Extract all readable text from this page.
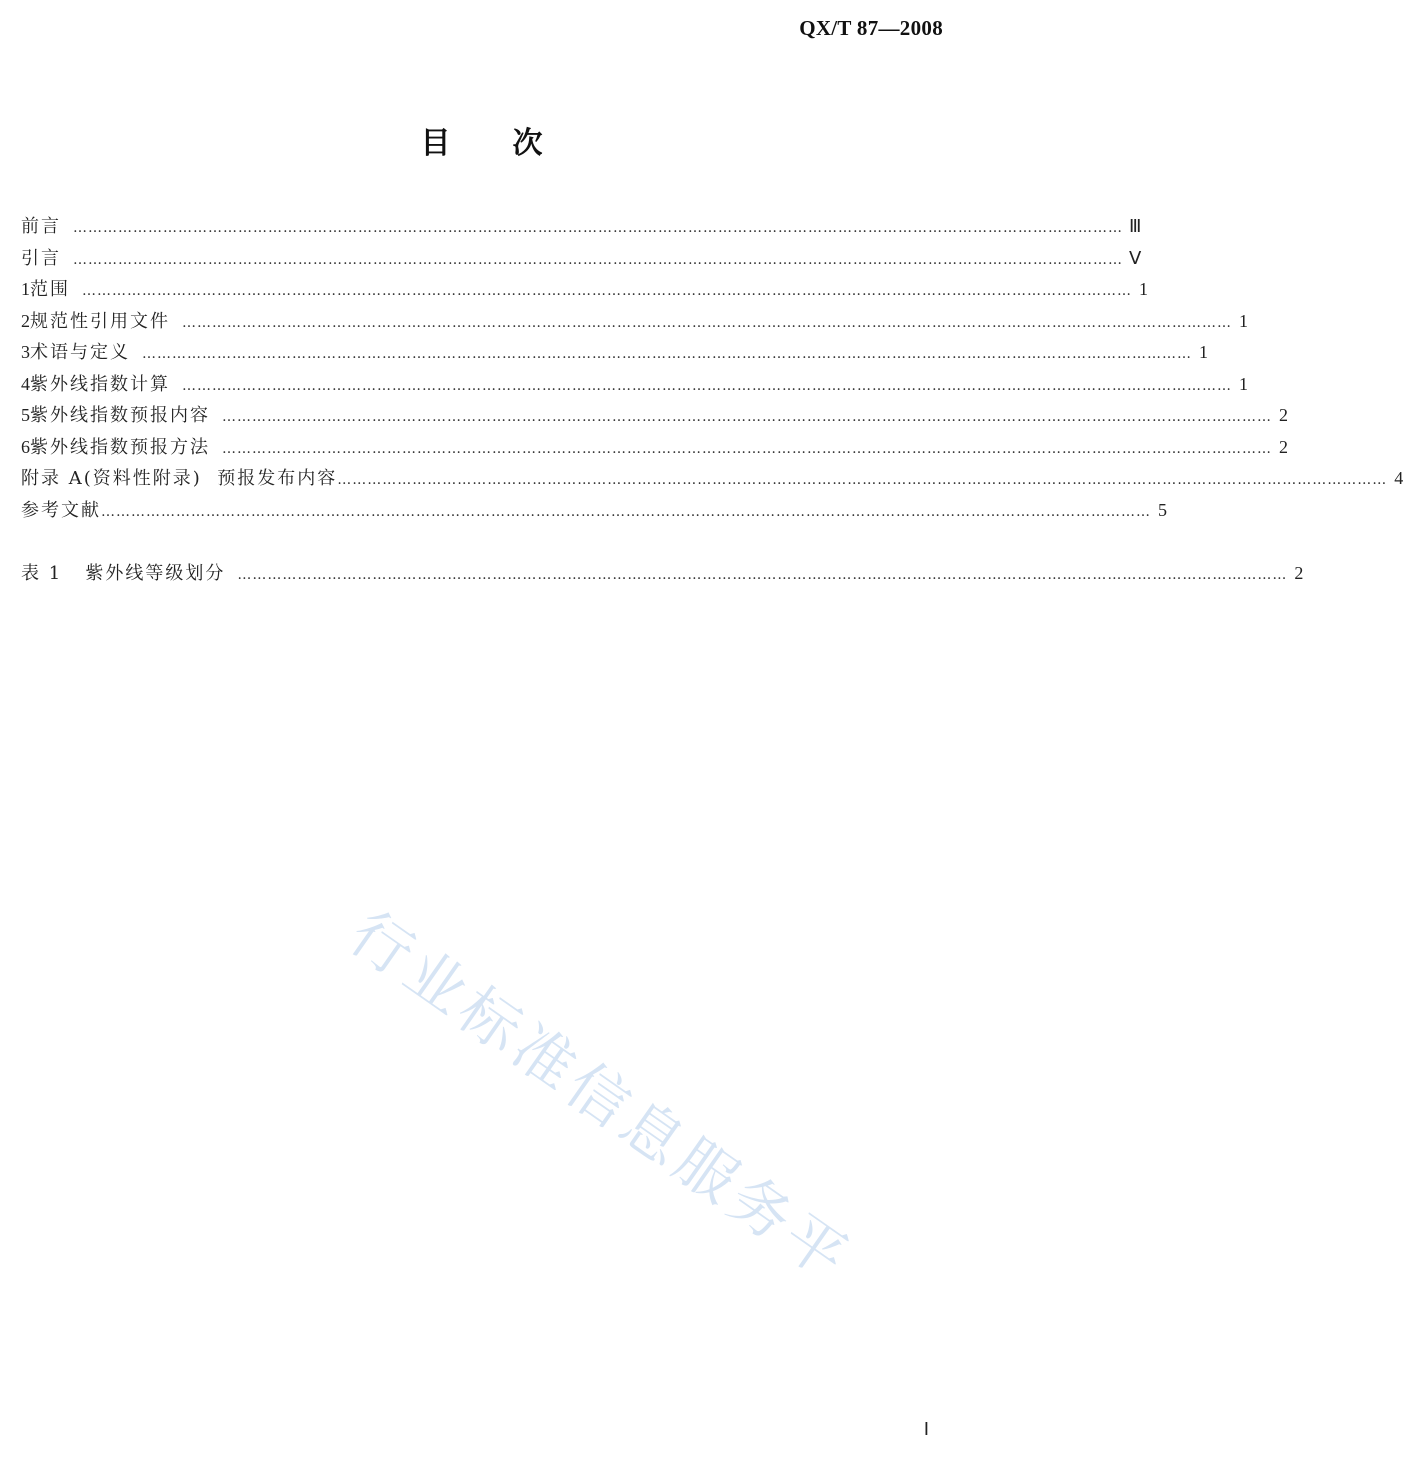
QX/T 87—2008
目 次
前言 ………………………………………………………………………………………………………………………………………………………………………………………… Ⅲ
引言 ………………………………………………………………………………………………………………………………………………………………………………………… Ⅴ
1 范围 ………………………………………………………………………………………………………………………………………………………………………………………… 1
2 规范性引用文件 ………………………………………………………………………………………………………………………………………………………………………………………… 1
3 术语与定义 ………………………………………………………………………………………………………………………………………………………………………………………… 1
4 紫外线指数计算 ………………………………………………………………………………………………………………………………………………………………………………………… 1
5 紫外线指数预报内容 ………………………………………………………………………………………………………………………………………………………………………………………… 2
6 紫外线指数预报方法 ………………………………………………………………………………………………………………………………………………………………………………………… 2
附录 A(资料性附录)  预报发布内容 ………………………………………………………………………………………………………………………………………………………………………………………… 4
参考文献 ………………………………………………………………………………………………………………………………………………………………………………………… 5
表 1   紫外线等级划分 ………………………………………………………………………………………………………………………………………………………………………………………… 2
行业标准信息服务平
Ⅰ
